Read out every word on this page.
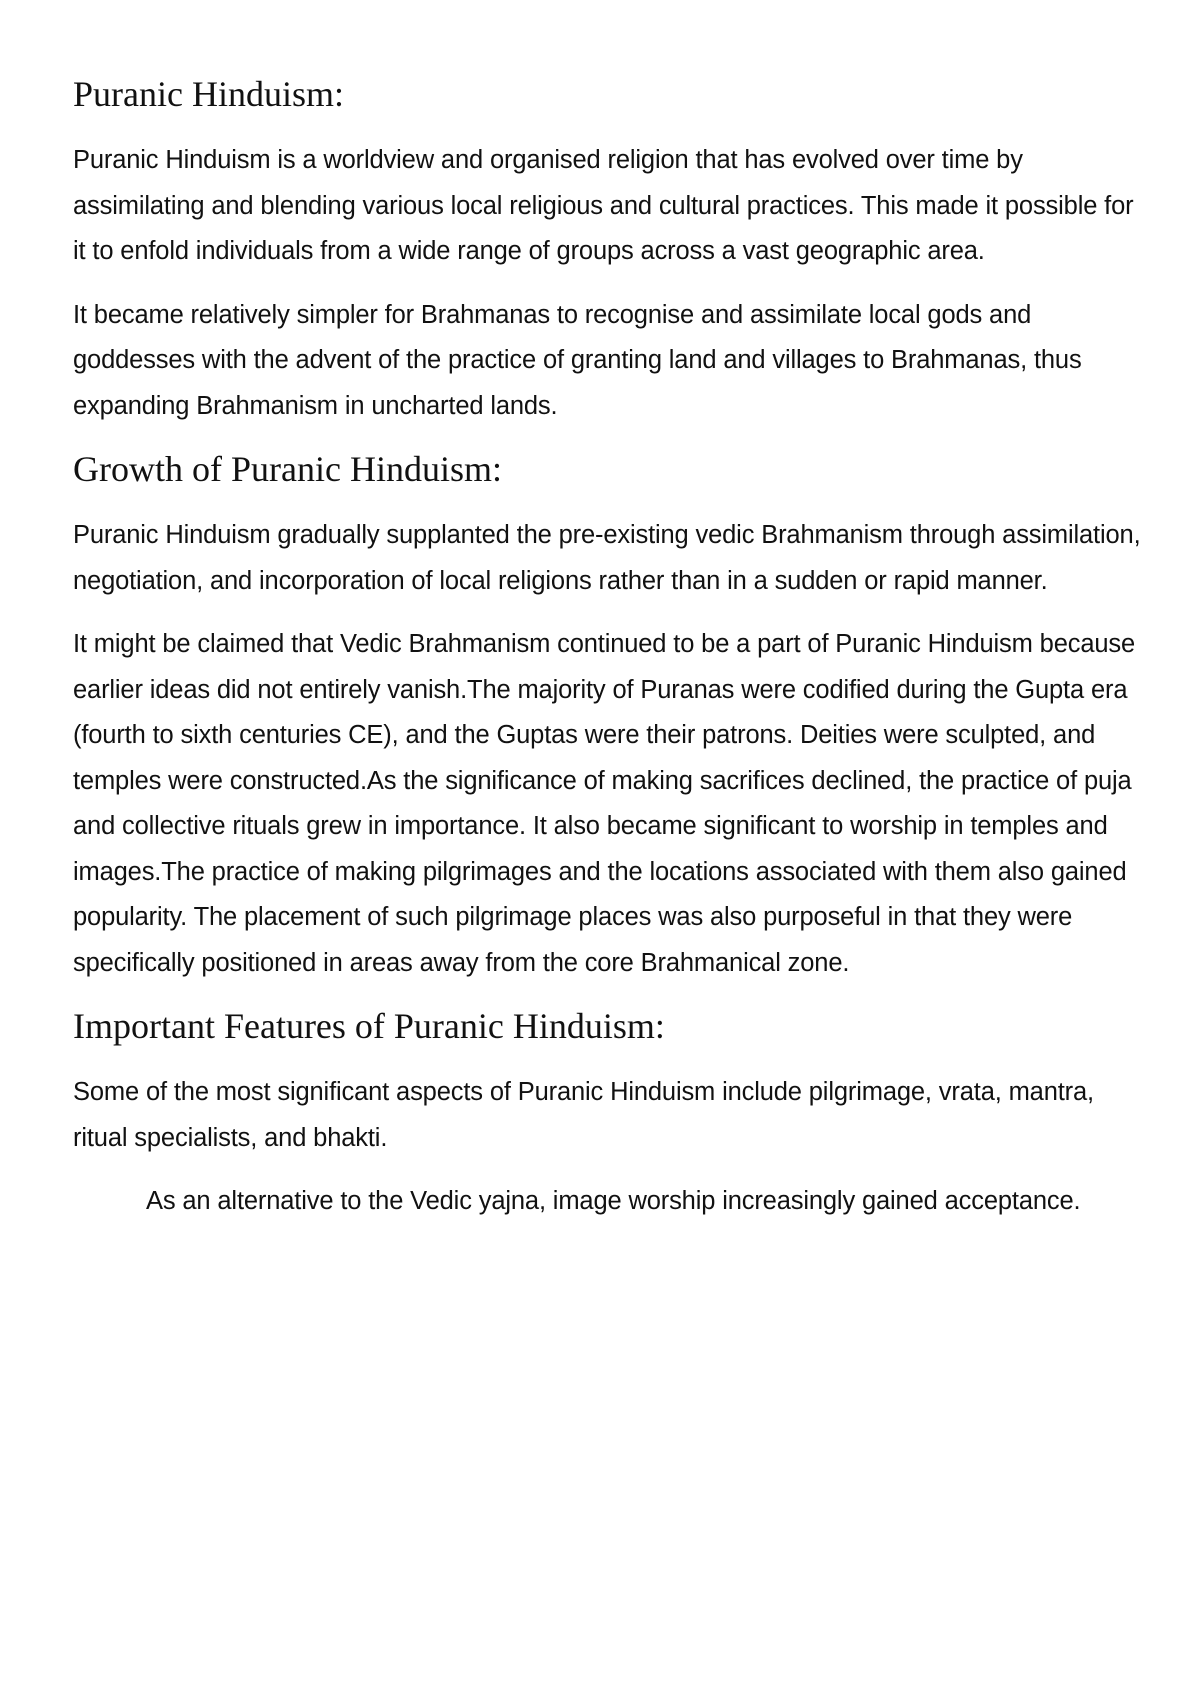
Puranic Hinduism:

Puranic Hinduism is a worldview and organised religion that has evolved over time by assimilating and blending various local religious and cultural practices. This made it possible for it to enfold individuals from a wide range of groups across a vast geographic area.

It became relatively simpler for Brahmanas to recognise and assimilate local gods and goddesses with the advent of the practice of granting land and villages to Brahmanas, thus expanding Brahmanism in uncharted lands.

Growth of Puranic Hinduism:

Puranic Hinduism gradually supplanted the pre-existing vedic Brahmanism through assimilation, negotiation, and incorporation of local religions rather than in a sudden or rapid manner.

It might be claimed that Vedic Brahmanism continued to be a part of Puranic Hinduism because earlier ideas did not entirely vanish.The majority of Puranas were codified during the Gupta era (fourth to sixth centuries CE), and the Guptas were their patrons. Deities were sculpted, and temples were constructed.As the significance of making sacrifices declined, the practice of puja and collective rituals grew in importance. It also became significant to worship in temples and images.The practice of making pilgrimages and the locations associated with them also gained popularity. The placement of such pilgrimage places was also purposeful in that they were specifically positioned in areas away from the core Brahmanical zone.

Important Features of Puranic Hinduism:

Some of the most significant aspects of Puranic Hinduism include pilgrimage, vrata, mantra, ritual specialists, and bhakti.

As an alternative to the Vedic yajna, image worship increasingly gained acceptance.
